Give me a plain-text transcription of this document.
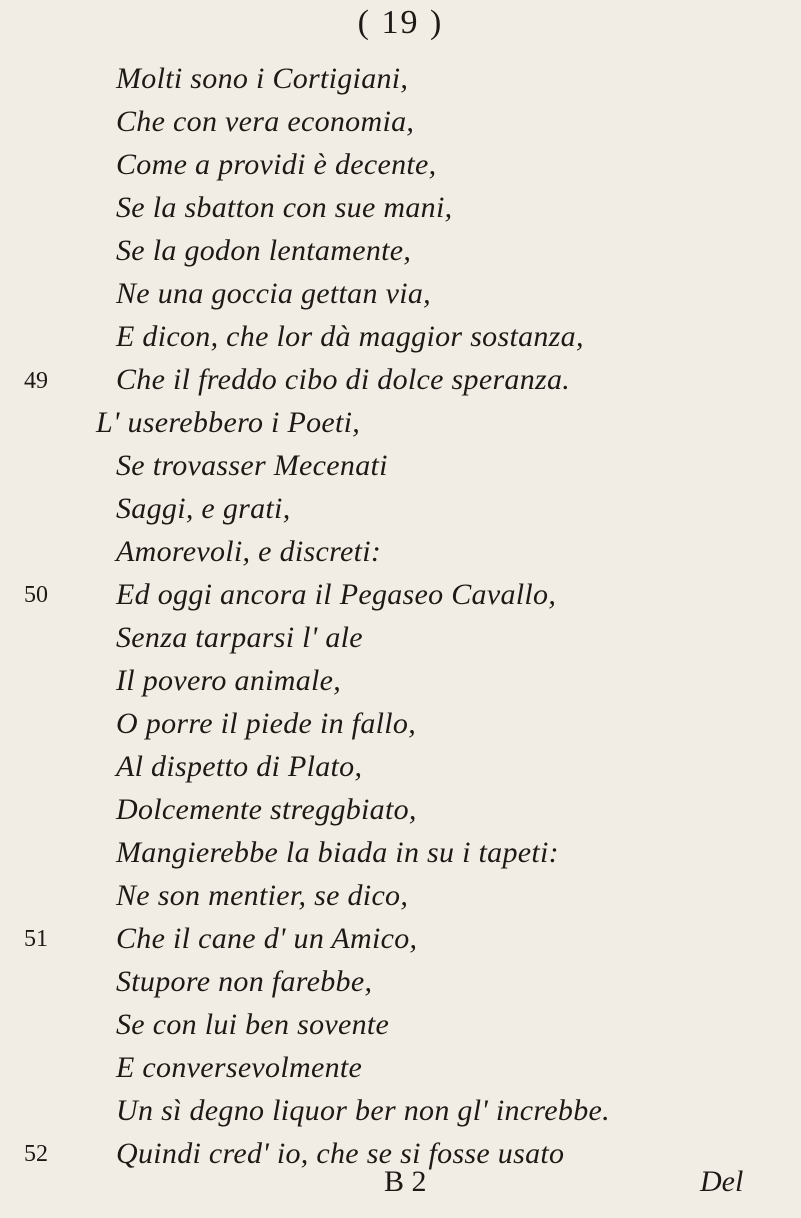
( 19 )
Molti sono i Cortigiani,
Che con vera economia,
Come a providi è decente,
Se la sbatton con sue mani,
Se la godon lentamente,
Ne una goccia gettan via,
E dicon, che lor dà maggior sostanza,
Che il freddo cibo di dolce speranza.
L' userebbero i Poeti,
Se trovasser Mecenati
Saggi, e grati,
Amorevoli, e discreti:
Ed oggi ancora il Pegaseo Cavallo,
Senza tarparsi l' ale
Il povero animale,
O porre il piede in fallo,
Al dispetto di Plato,
Dolcemente streggbiato,
Mangierebbe la biada in su i tapeti:
Ne son mentier, se dico,
Che il cane d' un Amico,
Stupore non farebbe,
Se con lui ben sovente
E conversevolmente
Un sì degno liquor ber non gl' increbbe.
Quindi cred' io, che se si fosse usato
49
50
51
52
B 2	Del
